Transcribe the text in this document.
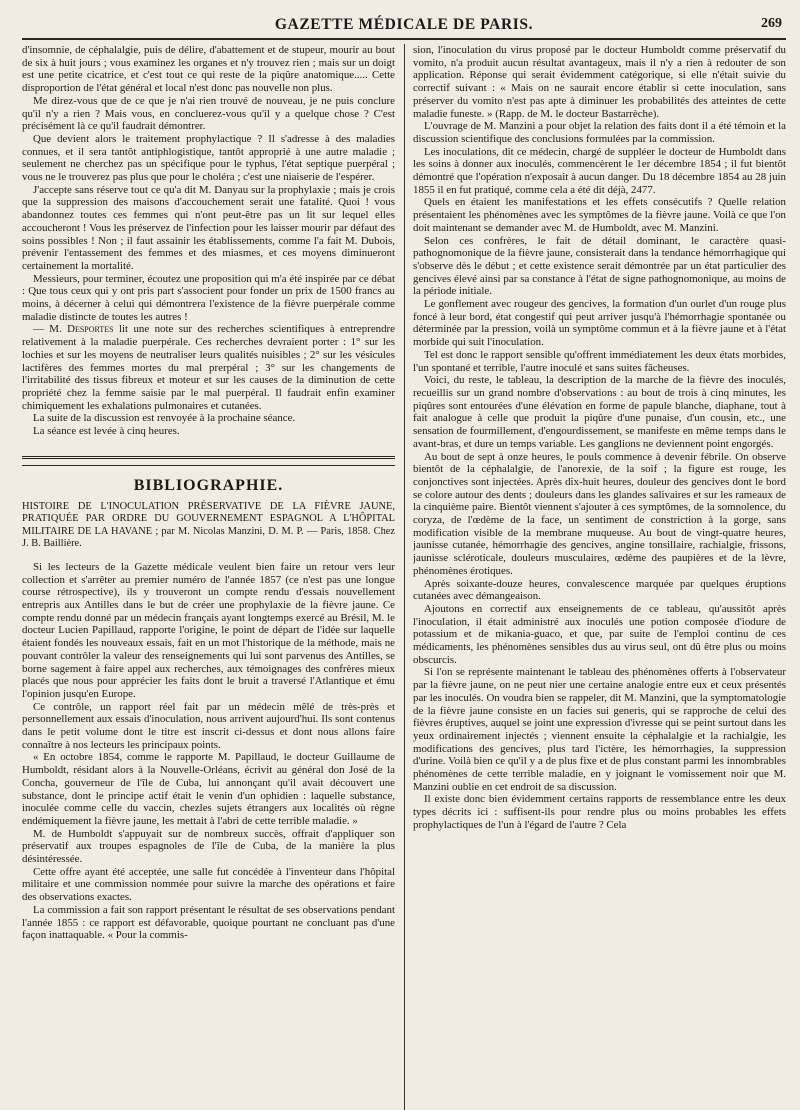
GAZETTE MÉDICALE DE PARIS.	269

d'insomnie, de céphalalgie, puis de délire, d'abattement et de stupeur, mourir au bout de six à huit jours ; vous examinez les organes et n'y trouvez rien ; mais sur un doigt est une petite cicatrice, et c'est tout ce qui reste de la piqûre anatomique..... Cette disproportion de l'état général et local n'est donc pas nouvelle non plus.

Me direz-vous que de ce que je n'ai rien trouvé de nouveau, je ne puis conclure qu'il n'y a rien ? Mais vous, en concluerez-vous qu'il y a quelque chose ? C'est précisément là ce qu'il faudrait démontrer.

Que devient alors le traitement prophylactique ? Il s'adresse à des maladies connues, et il sera tantôt antiphlogistique, tantôt approprié à une autre maladie ; seulement ne cherchez pas un spécifique pour le typhus, l'état septique puerpéral ; vous ne le trouverez pas plus que pour le choléra ; c'est une niaiserie de l'espérer.

J'accepte sans réserve tout ce qu'a dit M. Danyau sur la prophylaxie ; mais je crois que la suppression des maisons d'accouchement serait une fatalité. Quoi ! vous abandonnez toutes ces femmes qui n'ont peut-être pas un lit sur lequel elles accoucheront ! Vous les préservez de l'infection pour les laisser mourir par défaut des soins possibles ! Non ; il faut assainir les établissements, comme l'a fait M. Dubois, prévenir l'entassement des femmes et des miasmes, et ces moyens diminueront certainement la mortalité.

Messieurs, pour terminer, écoutez une proposition qui m'a été inspirée par ce débat : Que tous ceux qui y ont pris part s'associent pour fonder un prix de 1500 francs au moins, à décerner à celui qui démontrera l'existence de la fièvre puerpérale comme maladie distincte de toutes les autres !

— M. Desportes lit une note sur des recherches scientifiques à entreprendre relativement à la maladie puerpérale. Ces recherches devraient porter : 1° sur les lochies et sur les moyens de neutraliser leurs qualités nuisibles ; 2° sur les vésicules lactifères des femmes mortes du mal prerpéral ; 3° sur les changements de l'irritabilité des tissus fibreux et moteur et sur les causes de la diminution de cette propriété chez la femme saisie par le mal puerpéral. Il faudrait enfin examiner chimiquement les exhalations pulmonaires et cutanées.

La suite de la discussion est renvoyée à la prochaine séance.

La séance est levée à cinq heures.

BIBLIOGRAPHIE.

HISTOIRE DE L'INOCULATION PRÉSERVATIVE DE LA FIÈVRE JAUNE, PRATIQUÉE PAR ORDRE DU GOUVERNEMENT ESPAGNOL A L'HÔPITAL MILITAIRE DE LA HAVANE ; par M. Nicolas Manzini, D. M. P. — Paris, 1858. Chez J. B. Baillière.

Si les lecteurs de la Gazette médicale veulent bien faire un retour vers leur collection et s'arrêter au premier numéro de l'année 1857 (ce n'est pas une longue course rétrospective), ils y trouveront un compte rendu d'essais nouvellement entrepris aux Antilles dans le but de créer une prophylaxie de la fièvre jaune. Ce compte rendu donné par un médecin français ayant longtemps exercé au Brésil, M. le docteur Lucien Papillaud, rapporte l'origine, le point de départ de l'idée sur laquelle étaient fondés les nouveaux essais, fait en un mot l'historique de la méthode, mais ne pouvant contrôler la valeur des renseignements qui lui sont parvenus des Antilles, se borne sagement à faire appel aux recherches, aux témoignages des confrères mieux placés que nous pour apprécier les faits dont le bruit a traversé l'Atlantique et ému l'opinion jusqu'en Europe.

Ce contrôle, un rapport réel fait par un médecin mêlé de très-près et personnellement aux essais d'inoculation, nous arrivent aujourd'hui. Ils sont contenus dans le petit volume dont le titre est inscrit ci-dessus et dont nous allons faire connaître à nos lecteurs les principaux points.

« En octobre 1854, comme le rapporte M. Papillaud, le docteur Guillaume de Humboldt, résidant alors à la Nouvelle-Orléans, écrivit au général don José de la Concha, gouverneur de l'île de Cuba, lui annonçant qu'il avait découvert une substance, dont le principe actif était le venin d'un ophidien : laquelle substance, inoculée comme celle du vaccin, chezles sujets étrangers aux localités où règne endémiquement la fièvre jaune, les mettait à l'abri de cette terrible maladie. »

M. de Humboldt s'appuyait sur de nombreux succès, offrait d'appliquer son préservatif aux troupes espagnoles de l'île de Cuba, de la manière la plus désintéressée.

Cette offre ayant été acceptée, une salle fut concédée à l'inventeur dans l'hôpital militaire et une commission nommée pour suivre la marche des opérations et faire des observations exactes.

La commission a fait son rapport présentant le résultat de ses observations pendant l'année 1855 : ce rapport est défavorable, quoique pourtant ne concluant pas d'une façon inattaquable. « Pour la commis-

sion, l'inoculation du virus proposé par le docteur Humboldt comme préservatif du vomito, n'a produit aucun résultat avantageux, mais il n'y a rien à redouter de son application. Réponse qui serait évidemment catégorique, si elle n'était suivie du correctif suivant : « Mais on ne saurait encore établir si cette inoculation, sans préserver du vomito n'est pas apte à diminuer les probabilités des atteintes de cette maladie funeste. » (Rapp. de M. le docteur Bastarrèche).

L'ouvrage de M. Manzini a pour objet la relation des faits dont il a été témoin et la discussion scientifique des conclusions formulées par la commission.

Les inoculations, dit ce médecin, chargé de suppléer le docteur de Humboldt dans les soins à donner aux inoculés, commencèrent le 1er décembre 1854 ; il fut bientôt démontré que l'opération n'exposait à aucun danger. Du 18 décembre 1854 au 28 juin 1855 il en fut pratiqué, comme cela a été dit déjà, 2477.

Quels en étaient les manifestations et les effets consécutifs ? Quelle relation présentaient les phénomènes avec les symptômes de la fièvre jaune. Voilà ce que l'on doit maintenant se demander avec M. de Humboldt, avec M. Manzini.

Selon ces confrères, le fait de détail dominant, le caractère quasi-pathognomonique de la fièvre jaune, consisterait dans la tendance hémorrhagique qui s'observe dès le début ; et cette existence serait démontrée par un état particulier des gencives élevé ainsi par sa constance à l'état de signe pathognomonique, au moins de la période initiale.

Le gonflement avec rougeur des gencives, la formation d'un ourlet d'un rouge plus foncé à leur bord, état congestif qui peut arriver jusqu'à l'hémorrhagie spontanée ou déterminée par la pression, voilà un symptôme commun et à la fièvre jaune et à l'état morbide qui suit l'inoculation.

Tel est donc le rapport sensible qu'offrent immédiatement les deux états morbides, l'un spontané et terrible, l'autre inoculé et sans suites fâcheuses.

Voici, du reste, le tableau, la description de la marche de la fièvre des inoculés, recueillis sur un grand nombre d'observations : au bout de trois à cinq minutes, les piqûres sont entourées d'une élévation en forme de papule blanche, diaphane, tout à fait analogue à celle que produit la piqûre d'une punaise, d'un cousin, etc., une sensation de fourmillement, d'engourdissement, se manifeste en même temps dans le avant-bras, et dure un temps variable. Les ganglions ne deviennent point engorgés.

Au bout de sept à onze heures, le pouls commence à devenir fébrile. On observe bientôt de la céphalalgie, de l'anorexie, de la soif ; la figure est rouge, les conjonctives sont injectées. Après dix-huit heures, douleur des gencives dont le bord se colore autour des dents ; douleurs dans les glandes salivaires et sur les rameaux de la cinquième paire. Bientôt viennent s'ajouter à ces symptômes, de la somnolence, du coryza, de l'œdème de la face, un sentiment de constriction à la gorge, sans modification visible de la membrane muqueuse. Au bout de vingt-quatre heures, jaunisse cutanée, hémorrhagie des gencives, angine tonsillaire, rachialgie, frissons, jaunisse scléroticale, douleurs musculaires, œdème des paupières et de la lèvre, phénomènes érotiques.

Après soixante-douze heures, convalescence marquée par quelques éruptions cutanées avec démangeaison.

Ajoutons en correctif aux enseignements de ce tableau, qu'aussitôt après l'inoculation, il était administré aux inoculés une potion composée d'iodure de potassium et de mikania-guaco, et que, par suite de l'emploi continu de ces médicaments, les phénomènes sensibles dus au virus seul, ont dû être plus ou moins obscurcis.

Si l'on se représente maintenant le tableau des phénomènes offerts à l'observateur par la fièvre jaune, on ne peut nier une certaine analogie entre eux et ceux présentés par les inoculés. On voudra bien se rappeler, dit M. Manzini, que la symptomatologie de la fièvre jaune consiste en un facies sui generis, qui se rapproche de celui des fièvres éruptives, auquel se joint une expression d'ivresse qui se peint surtout dans les yeux ordinairement injectés ; viennent ensuite la céphalalgie et la rachialgie, les modifications des gencives, plus tard l'ictère, les hémorrhagies, la suppression d'urine. Voilà bien ce qu'il y a de plus fixe et de plus constant parmi les innombrables phénomènes de cette terrible maladie, en y joignant le vomissement noir que M. Manzini oublie en cet endroit de sa discussion.

Il existe donc bien évidemment certains rapports de ressemblance entre les deux types décrits ici : suffisent-ils pour rendre plus ou moins probables les effets prophylactiques de l'un à l'égard de l'autre ? Cela
